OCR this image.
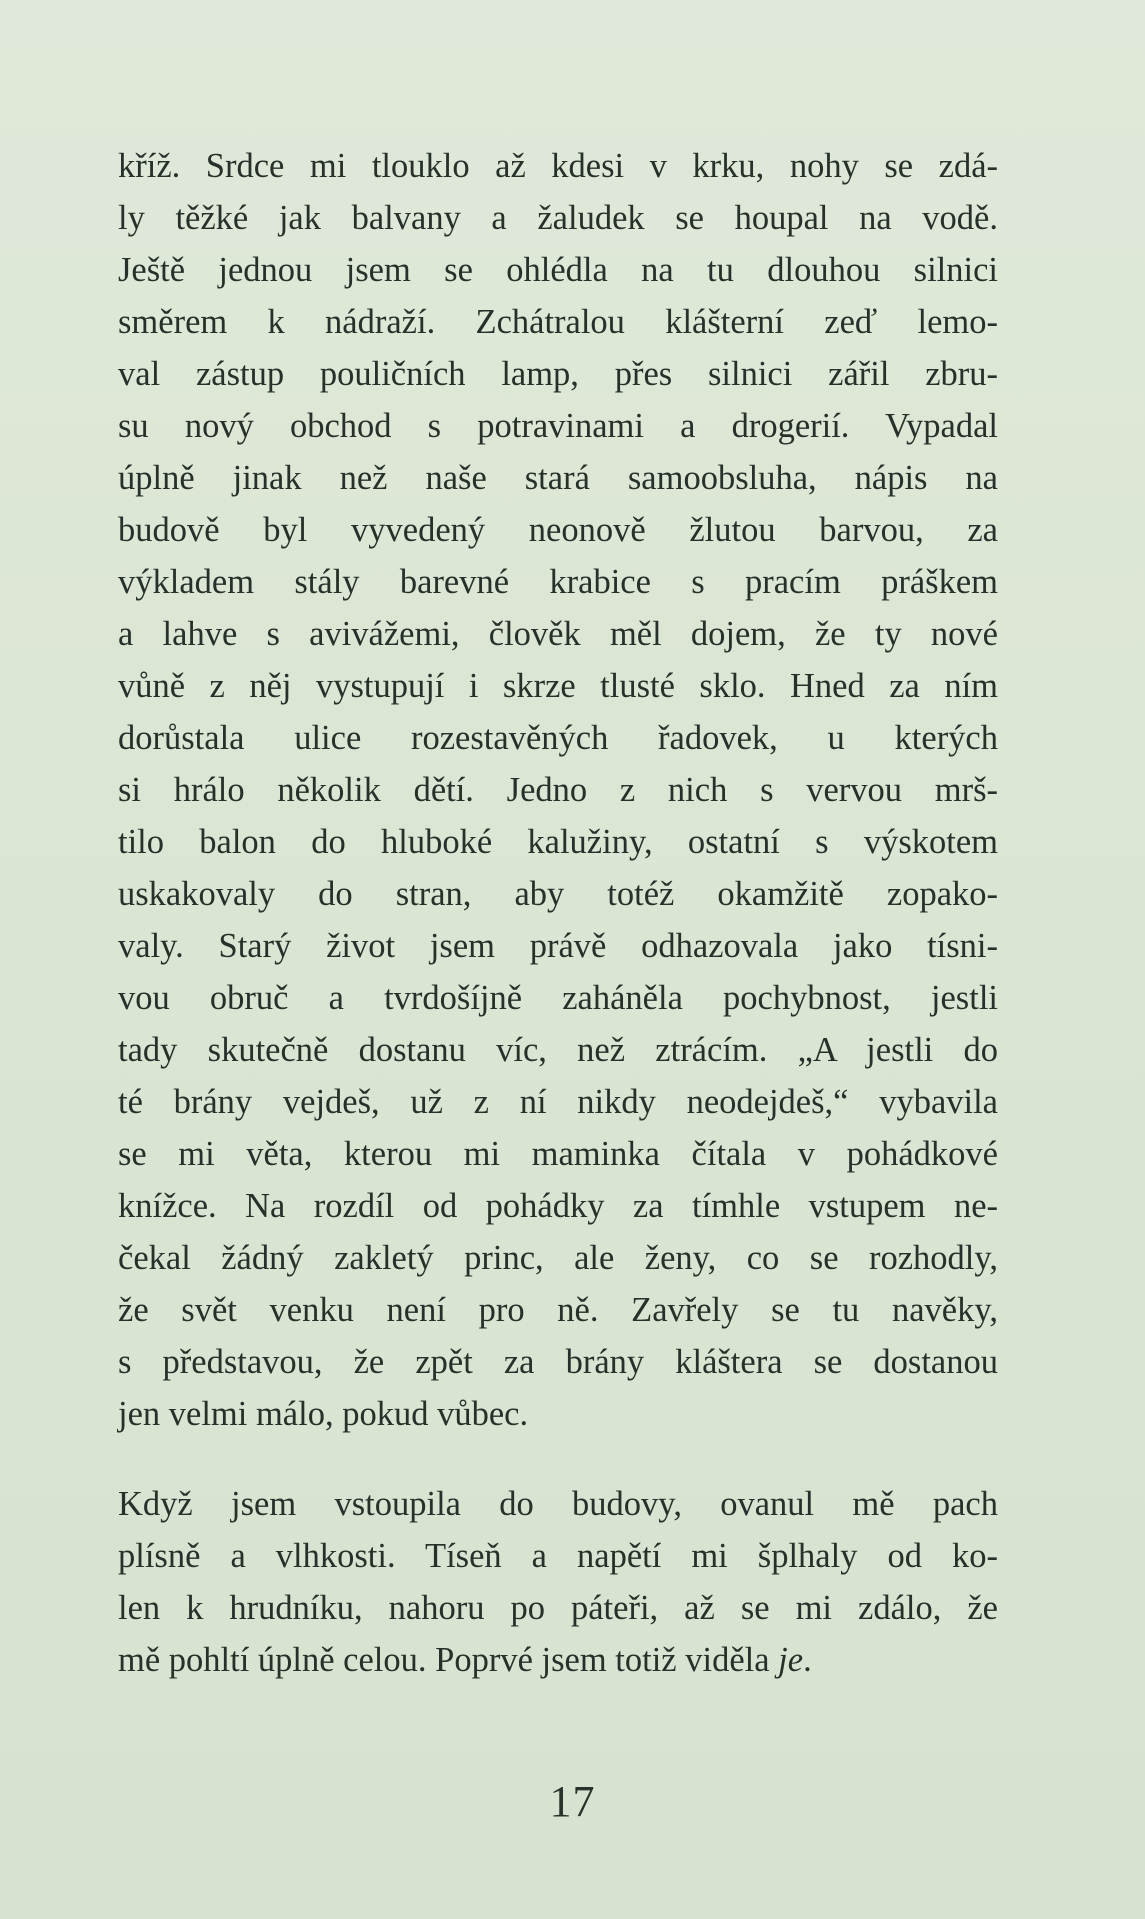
kříž. Srdce mi tlouklo až kdesi v krku, nohy se zdá-
ly těžké jak balvany a žaludek se houpal na vodě.
Ještě jednou jsem se ohlédla na tu dlouhou silnici
směrem k nádraží. Zchátralou klášterní zeď lemo-
val zástup pouličních lamp, přes silnici zářil zbru-
su nový obchod s potravinami a drogerií. Vypadal
úplně jinak než naše stará samoobsluha, nápis na
budově byl vyvedený neonově žlutou barvou, za
výkladem stály barevné krabice s pracím práškem
a lahve s aviváž⁠emi, člověk měl dojem, že ty nové
vůně z něj vystupují i skrze tlusté sklo. Hned za ním
dorůstala ulice rozestavěných řadovek, u kterých
si hrálo několik dětí. Jedno z nich s vervou mrš-
tilo balon do hluboké kalužiny, ostatní s výskotem
uskakovaly do stran, aby totéž okamžitě zopako-
valy. Starý život jsem právě odhazovala jako tísni-
vou obruč a tvrdošíjně zaháněla pochybnost, jestli
tady skutečně dostanu víc, než ztrácím. „A jestli do
té brány vejdeš, už z ní nikdy neodejdeš,“ vybavila
se mi věta, kterou mi maminka čítala v pohádkové
knížce. Na rozdíl od pohádky za tímhle vstupem ne-
čekal žádný zakletý princ, ale ženy, co se rozhodly,
že svět venku není pro ně. Zavřely se tu navěky,
s představou, že zpět za brány kláštera se dostanou
jen velmi málo, pokud vůbec.
Když jsem vstoupila do budovy, ovanul mě pach
plísně a vlhkosti. Tíseň a napětí mi šplhaly od ko-
len k hrudníku, nahoru po páteři, až se mi zdálo, že
mě pohltí úplně celou. Poprvé jsem totiž viděla je.
17
